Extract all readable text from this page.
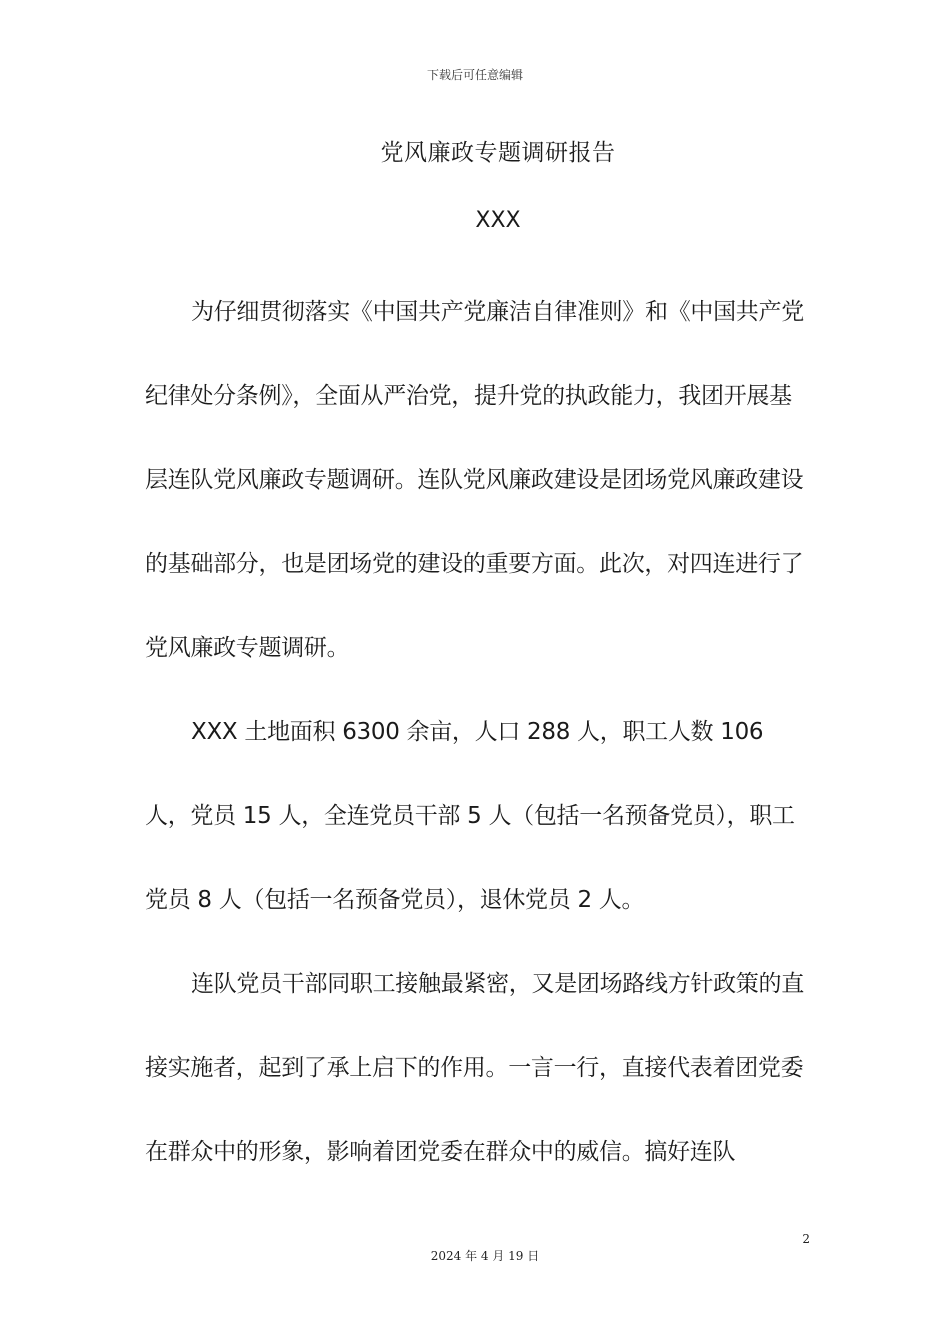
下载后可任意编辑
党风廉政专题调研报告
XXX

为仔细贯彻落实《中国共产党廉洁自律准则》和《中国共产党纪律处分条例》，全面从严治党，提升党的执政能力，我团开展基层连队党风廉政专题调研。连队党风廉政建设是团场党风廉政建设的基础部分，也是团场党的建设的重要方面。此次，对四连进行了党风廉政专题调研。

XXX 土地面积 6300 余亩，人口 288 人，职工人数 106 人，党员 15 人，全连党员干部 5 人（包括一名预备党员），职工党员 8 人（包括一名预备党员），退休党员 2 人。

连队党员干部同职工接触最紧密，又是团场路线方针政策的直接实施者，起到了承上启下的作用。一言一行，直接代表着团党委在群众中的形象，影响着团党委在群众中的威信。搞好连队

2
2024 年 4 月 19 日
